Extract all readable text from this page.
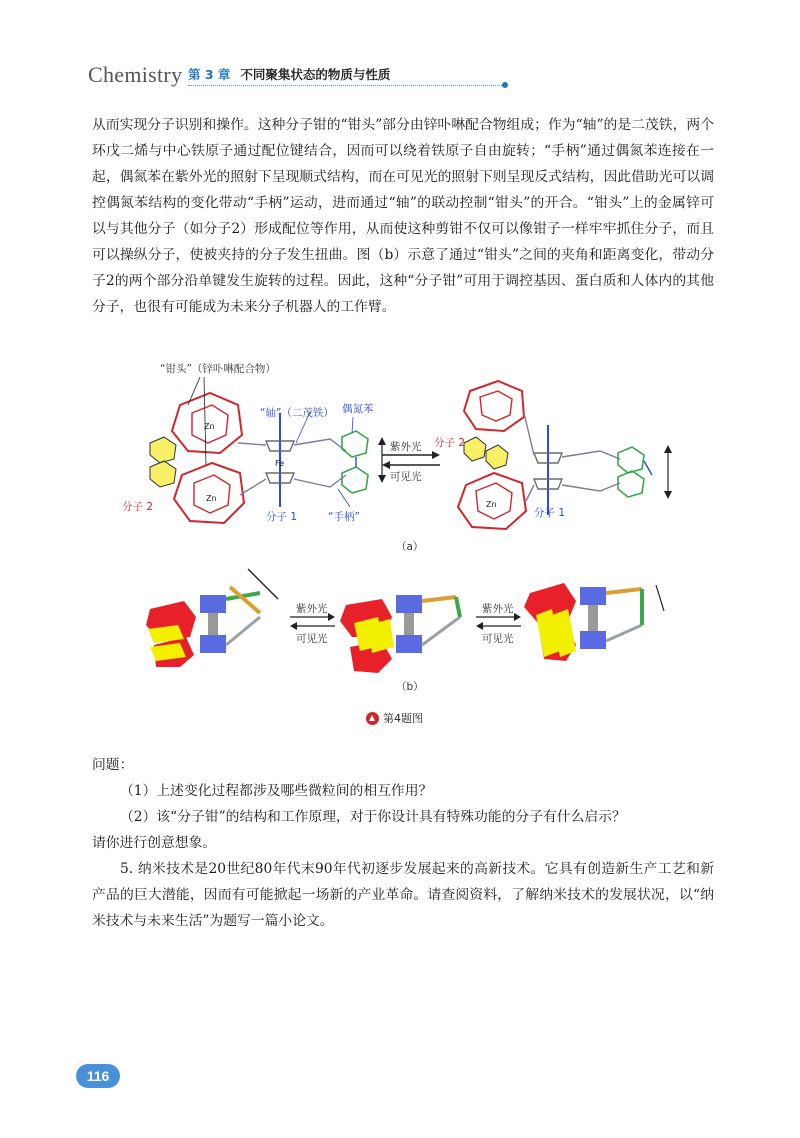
Chemistry 第 3 章 不同聚集状态的物质与性质

从而实现分子识别和操作。这种分子钳的“钳头”部分由锌卟啉配合物组成；作为“轴”的是二茂铁，两个环戊二烯与中心铁原子通过配位键结合，因而可以绕着铁原子自由旋转；“手柄”通过偶氮苯连接在一起，偶氮苯在紫外光的照射下呈现顺式结构，而在可见光的照射下则呈现反式结构，因此借助光可以调控偶氮苯结构的变化带动“手柄”运动，进而通过“轴”的联动控制“钳头”的开合。“钳头”上的金属锌可以与其他分子（如分子2）形成配位等作用，从而使这种剪钳不仅可以像钳子一样牢牢抓住分子，而且可以操纵分子，使被夹持的分子发生扭曲。图（b）示意了通过“钳头”之间的夹角和距离变化，带动分子2的两个部分沿单键发生旋转的过程。因此，这种“分子钳”可用于调控基因、蛋白质和人体内的其他分子，也很有可能成为未来分子机器人的工作臂。

Zn
Zn
Fe
Zn
“钳头”（锌卟啉配合物）
“轴”（二茂铁） 偶氮苯
分子 2
分子 1	“手柄”
紫外光
可见光
分子 2
分子 1
（a）
紫外光
可见光
紫外光
可见光
（b）
第4题图

问题：

（1）上述变化过程都涉及哪些微粒间的相互作用？

（2）该“分子钳”的结构和工作原理，对于你设计具有特殊功能的分子有什么启示？

请你进行创意想象。

5. 纳米技术是20世纪80年代末90年代初逐步发展起来的高新技术。它具有创造新生产工艺和新产品的巨大潜能，因而有可能掀起一场新的产业革命。请查阅资料，了解纳米技术的发展状况，以“纳米技术与未来生活”为题写一篇小论文。

116
